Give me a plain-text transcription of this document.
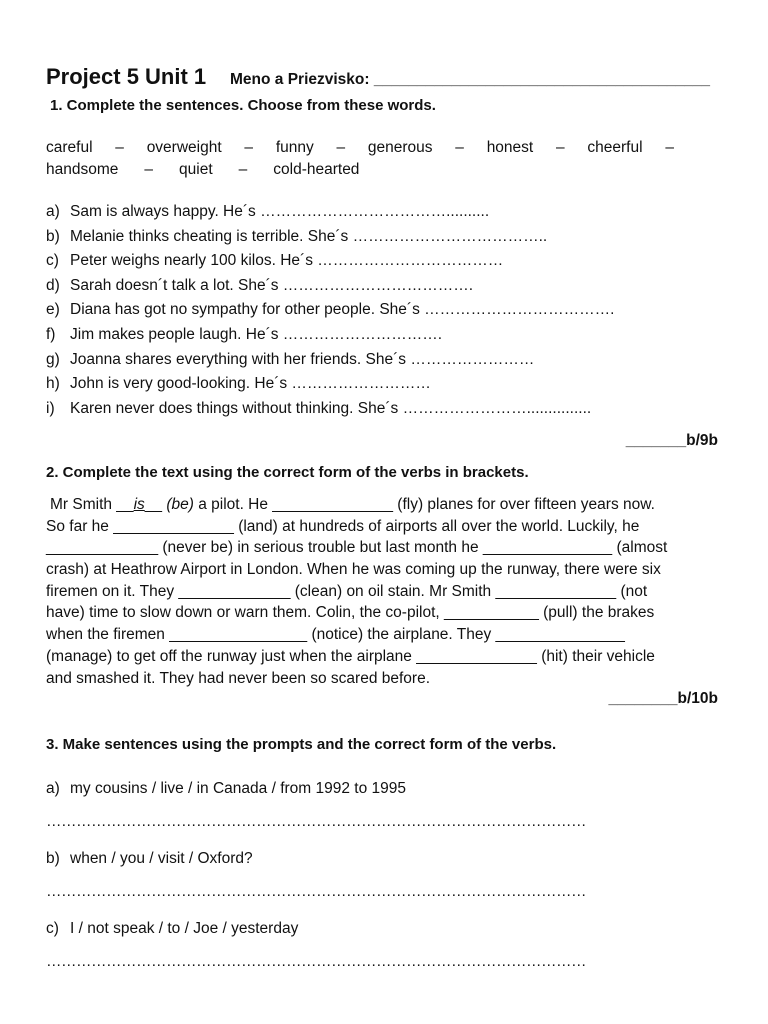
Project 5 Unit 1 Meno a Priezvisko: _______________________________________
1. Complete the sentences. Choose from these words.
careful – overweight – funny – generous – honest – cheerful –
handsome – quiet – cold-hearted
a) Sam is always happy. He´s ………………………………..........
b) Melanie thinks cheating is terrible. She´s ………………………………..
c) Peter weighs nearly 100 kilos. He´s ………………………………
d) Sarah doesn´t talk a lot. She´s ……………………………….
e) Diana has got no sympathy for other people. She´s ……………………………….
f) Jim makes people laugh. He´s ………………………….
g) Joanna shares everything with her friends. She´s ……………………
h) John is very good-looking. He´s ………………………
i) Karen never does things without thinking. She´s ……………………...............
_______b/9b
2. Complete the text using the correct form of the verbs in brackets.
Mr Smith __is__ (be) a pilot. He ______________ (fly) planes for over fifteen years now.
So far he ______________ (land) at hundreds of airports all over the world. Luckily, he
_____________ (never be) in serious trouble but last month he _______________ (almost
crash) at Heathrow Airport in London. When he was coming up the runway, there were six
firemen on it. They _____________ (clean) on oil stain. Mr Smith ______________ (not
have) time to slow down or warn them. Colin, the co-pilot, ___________ (pull) the brakes
when the firemen ________________ (notice) the airplane. They _______________
(manage) to get off the runway just when the airplane ______________ (hit) their vehicle
and smashed it. They had never been so scared before.
________b/10b
3. Make sentences using the prompts and the correct form of the verbs.
a) my cousins / live / in Canada / from 1992 to 1995
………………………………………………………………………………………………
b) when / you / visit / Oxford?
………………………………………………………………………………………………
c) I / not speak / to / Joe / yesterday
………………………………………………………………………………………………
